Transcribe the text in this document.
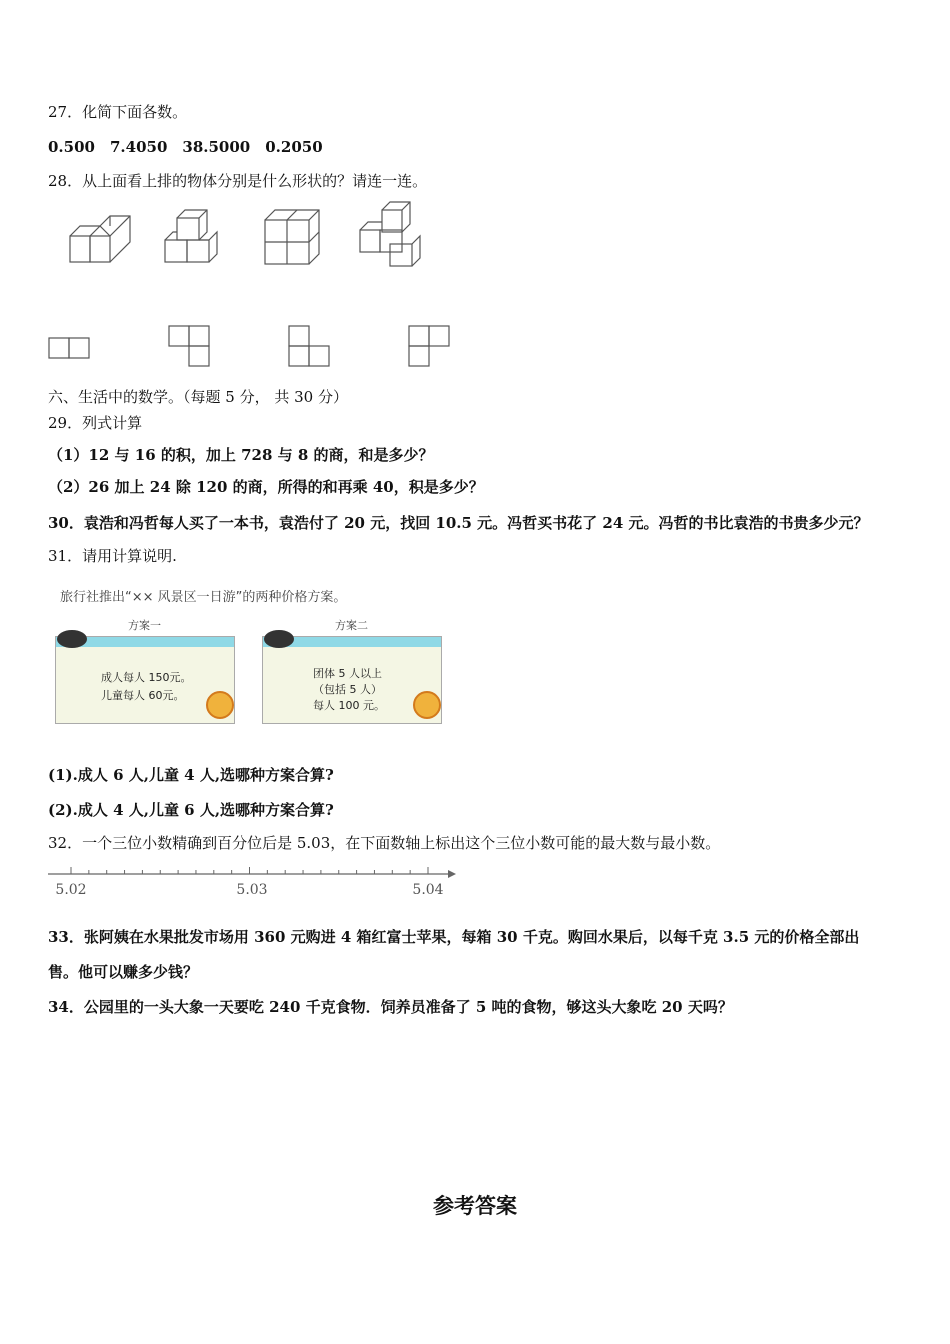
27．化简下面各数。
0.500　7.4050　38.5000　0.2050
28．从上面看上排的物体分别是什么形状的？请连一连。
六、生活中的数学。（每题 5 分， 共 30 分）
29．列式计算
（1）12 与 16 的积，加上 728 与 8 的商，和是多少？
（2）26 加上 24 除 120 的商，所得的和再乘 40，积是多少？
30．袁浩和冯哲每人买了一本书，袁浩付了 20 元，找回 10.5 元。冯哲买书花了 24 元。冯哲的书比袁浩的书贵多少元？
31．请用计算说明.
旅行社推出“×× 风景区一日游”的两种价格方案。
方案一
成人每人 150元。
儿童每人 60元。
方案二
团体 5 人以上
（包括 5 人）
每人 100 元。
(1).成人 6 人,儿童 4 人,选哪种方案合算?
(2).成人 4 人,儿童 6 人,选哪种方案合算?
32．一个三位小数精确到百分位后是 5.03，在下面数轴上标出这个三位小数可能的最大数与最小数。
5.02	5.03	5.04
33．张阿姨在水果批发市场用 360 元购进 4 箱红富士苹果，每箱 30 千克。购回水果后，以每千克 3.5 元的价格全部出
售。他可以赚多少钱？
34．公园里的一头大象一天要吃 240 千克食物．饲养员准备了 5 吨的食物，够这头大象吃 20 天吗？
参考答案
